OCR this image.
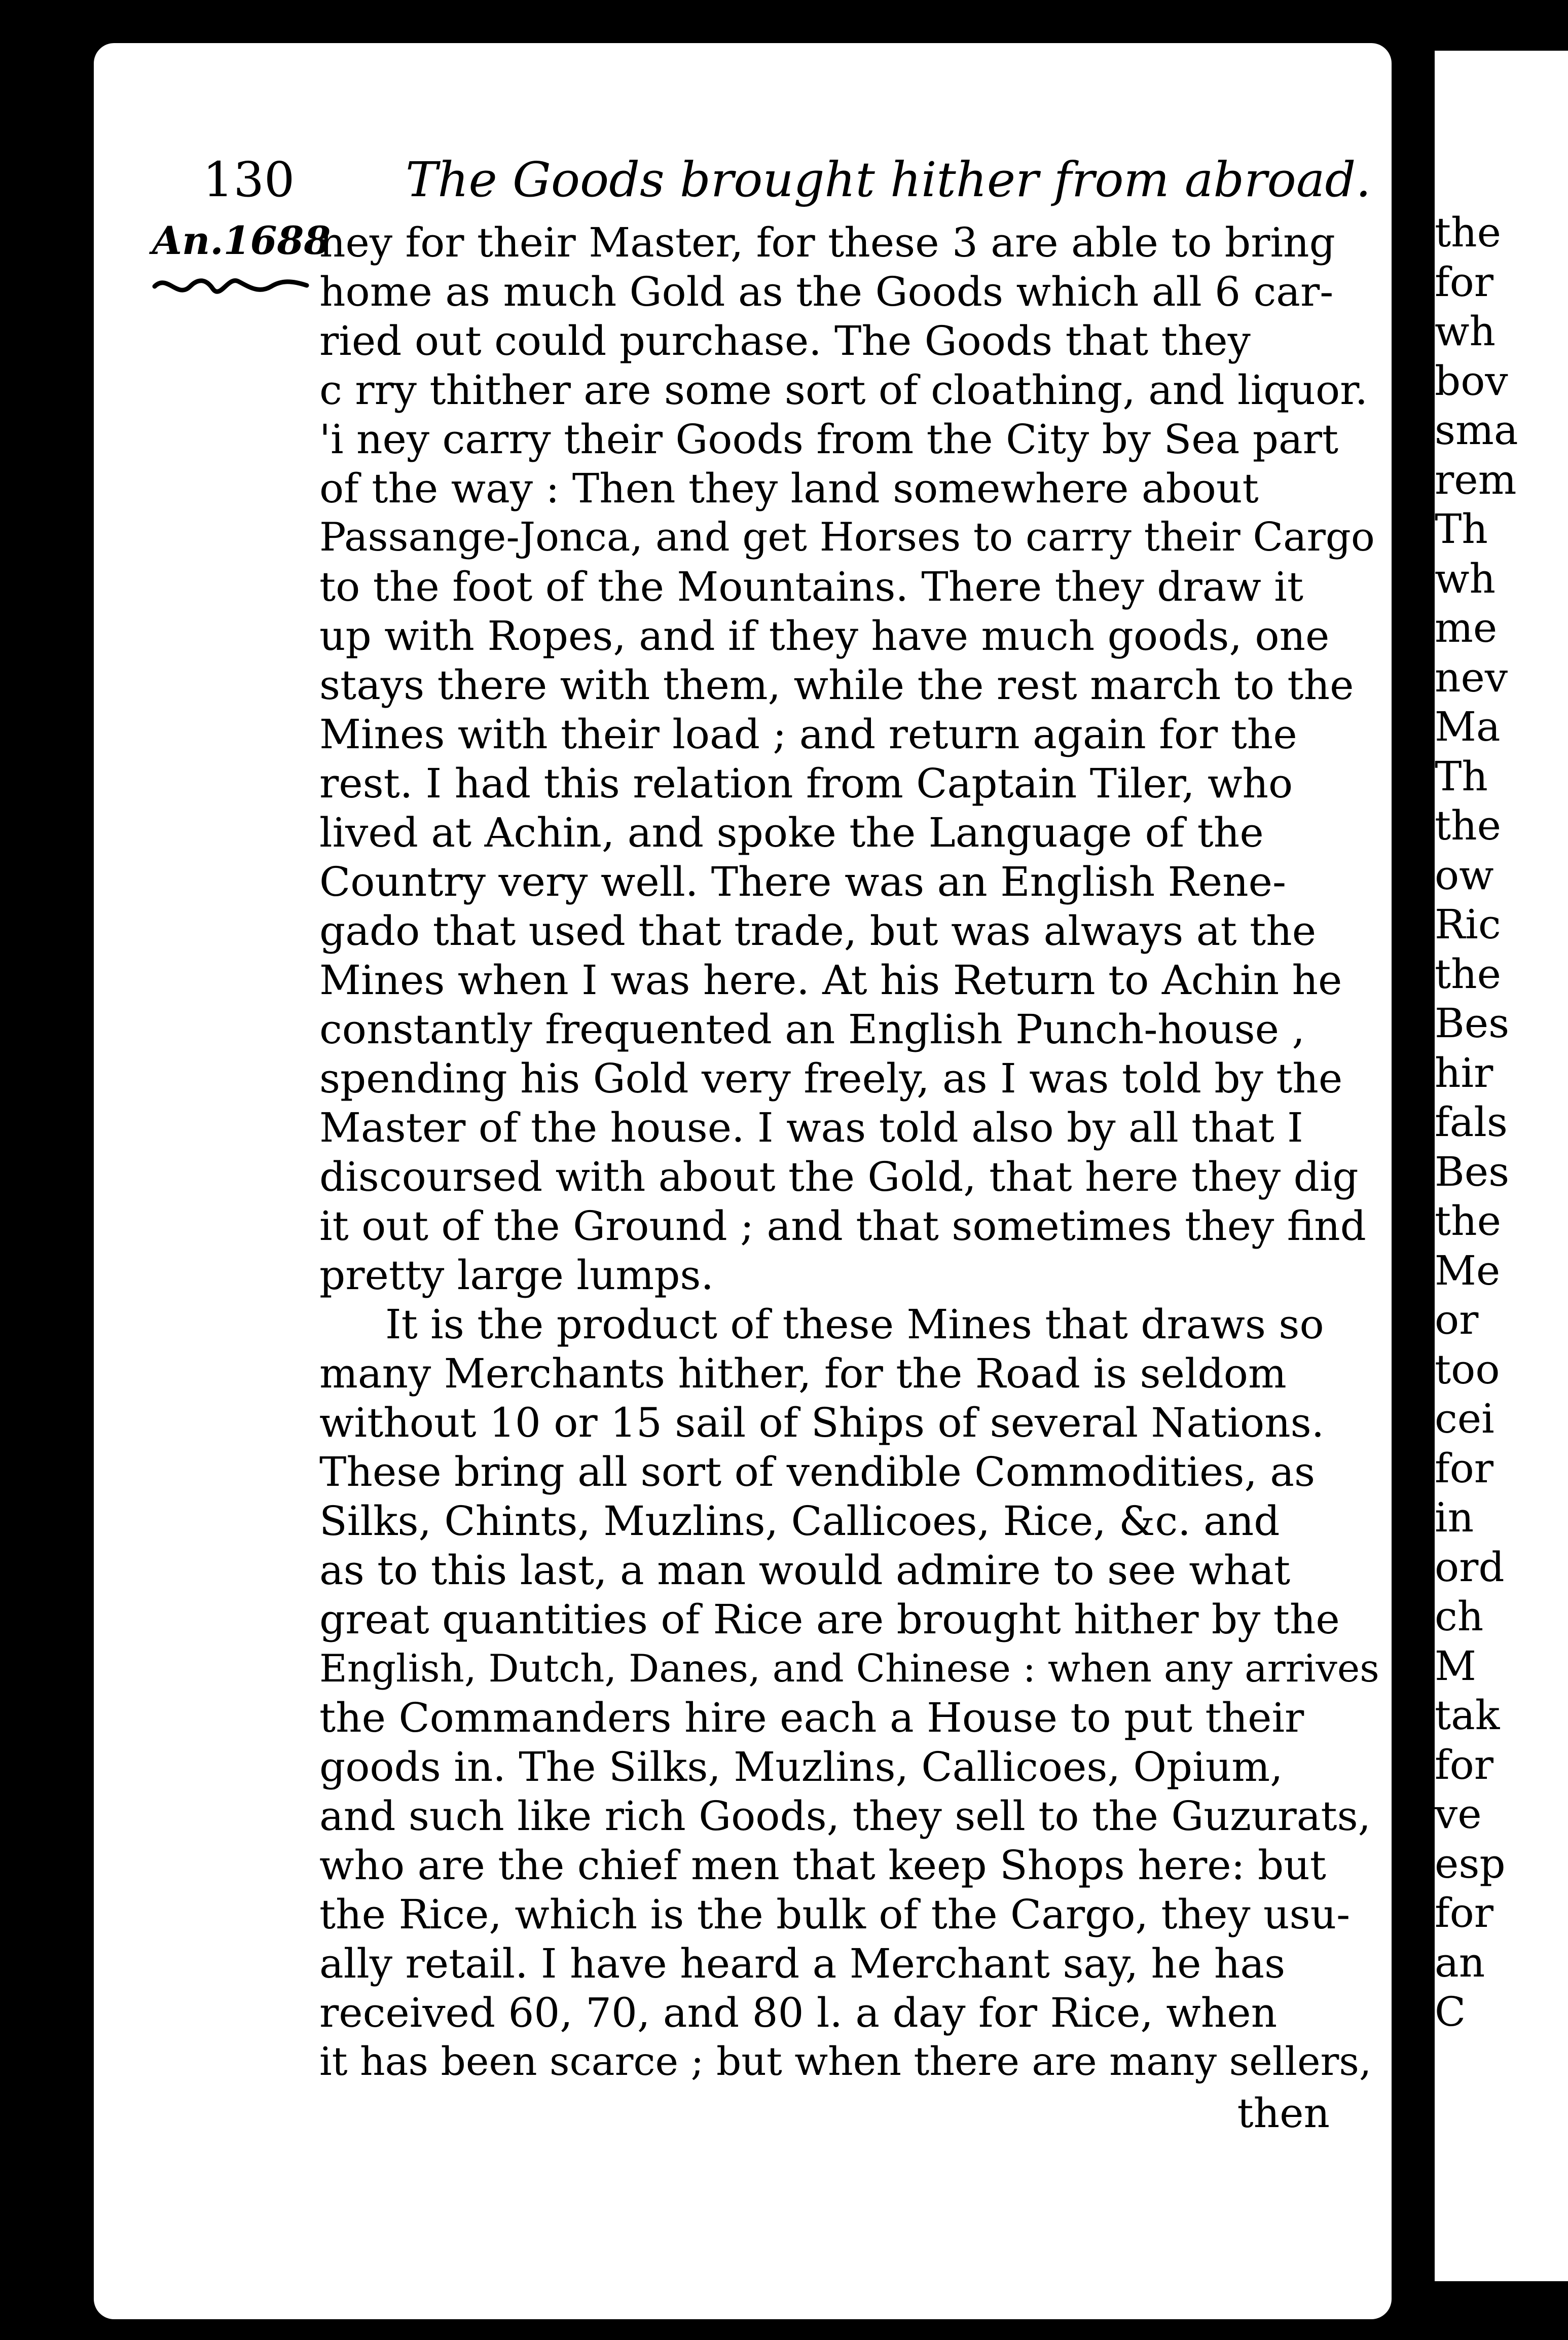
130 The Goods brought hither from abroad.
An.1688
ney for their Master, for these 3 are able to bring
home as much Gold as the Goods which all 6 car-
ried out could purchase. The Goods that they
c rry thither are some sort of cloathing, and liquor.
'i ney carry their Goods from the City by Sea part
of the way : Then they land somewhere about
Passange-Jonca, and get Horses to carry their Cargo
to the foot of the Mountains. There they draw it
up with Ropes, and if they have much goods, one
stays there with them, while the rest march to the
Mines with their load ; and return again for the
rest. I had this relation from Captain Tiler, who
lived at Achin, and spoke the Language of the
Country very well. There was an English Rene-
gado that used that trade, but was always at the
Mines when I was here. At his Return to Achin he
constantly frequented an English Punch-house ,
spending his Gold very freely, as I was told by the
Master of the house. I was told also by all that I
discoursed with about the Gold, that here they dig
it out of the Ground ; and that sometimes they find
pretty large lumps.
It is the product of these Mines that draws so
many Merchants hither, for the Road is seldom
without 10 or 15 sail of Ships of several Nations.
These bring all sort of vendible Commodities, as
Silks, Chints, Muzlins, Callicoes, Rice, &c. and
as to this last, a man would admire to see what
great quantities of Rice are brought hither by the
English, Dutch, Danes, and Chinese : when any arrives
the Commanders hire each a House to put their
goods in. The Silks, Muzlins, Callicoes, Opium,
and such like rich Goods, they sell to the Guzurats,
who are the chief men that keep Shops here: but
the Rice, which is the bulk of the Cargo, they usu-
ally retail. I have heard a Merchant say, he has
received 60, 70, and 80 l. a day for Rice, when
it has been scarce ; but when there are many sellers,
then
the
for
wh
bov
sma
rem
Th
wh
me
nev
Ma
Th
the
ow
Ric
the
Bes
hir
fals
Bes
the
Me
or
too
cei
for
in
ord
ch
M
tak
for
ve
esp
for
an
C
